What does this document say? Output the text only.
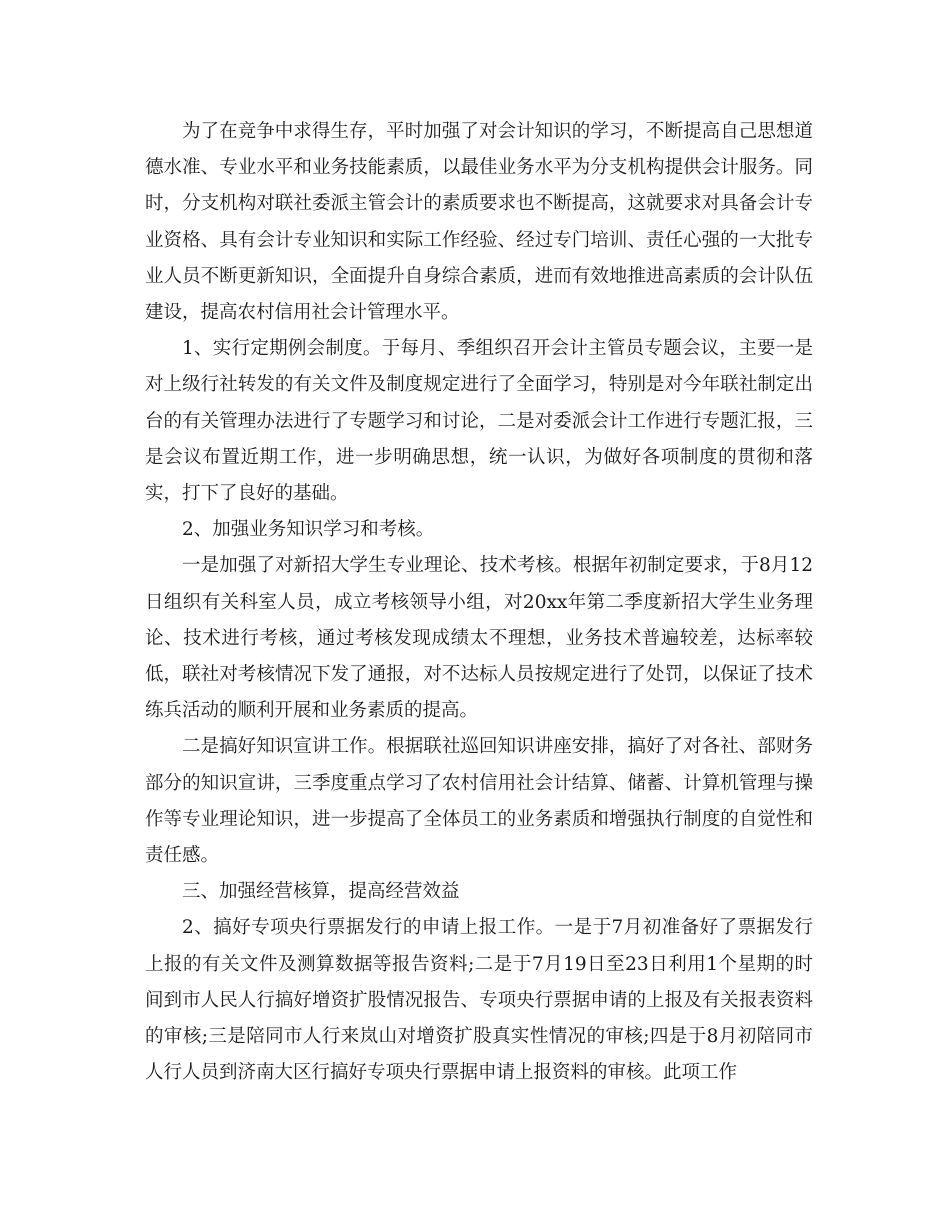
为了在竞争中求得生存，平时加强了对会计知识的学习，不断提高自己思想道德水准、专业水平和业务技能素质，以最佳业务水平为分支机构提供会计服务。同时，分支机构对联社委派主管会计的素质要求也不断提高，这就要求对具备会计专业资格、具有会计专业知识和实际工作经验、经过专门培训、责任心强的一大批专业人员不断更新知识，全面提升自身综合素质，进而有效地推进高素质的会计队伍建设，提高农村信用社会计管理水平。

1、实行定期例会制度。于每月、季组织召开会计主管员专题会议，主要一是对上级行社转发的有关文件及制度规定进行了全面学习，特别是对今年联社制定出台的有关管理办法进行了专题学习和讨论，二是对委派会计工作进行专题汇报，三是会议布置近期工作，进一步明确思想，统一认识，为做好各项制度的贯彻和落实，打下了良好的基础。

2、加强业务知识学习和考核。

一是加强了对新招大学生专业理论、技术考核。根据年初制定要求，于8月12日组织有关科室人员，成立考核领导小组，对20xx年第二季度新招大学生业务理论、技术进行考核，通过考核发现成绩太不理想，业务技术普遍较差，达标率较低，联社对考核情况下发了通报，对不达标人员按规定进行了处罚，以保证了技术练兵活动的顺利开展和业务素质的提高。

二是搞好知识宣讲工作。根据联社巡回知识讲座安排，搞好了对各社、部财务部分的知识宣讲，三季度重点学习了农村信用社会计结算、储蓄、计算机管理与操作等专业理论知识，进一步提高了全体员工的业务素质和增强执行制度的自觉性和责任感。

三、加强经营核算，提高经营效益

2、搞好专项央行票据发行的申请上报工作。一是于7月初准备好了票据发行上报的有关文件及测算数据等报告资料;二是于7月19日至23日利用1个星期的时间到市人民人行搞好增资扩股情况报告、专项央行票据申请的上报及有关报表资料的审核;三是陪同市人行来岚山对增资扩股真实性情况的审核;四是于8月初陪同市人行人员到济南大区行搞好专项央行票据申请上报资料的审核。此项工作
